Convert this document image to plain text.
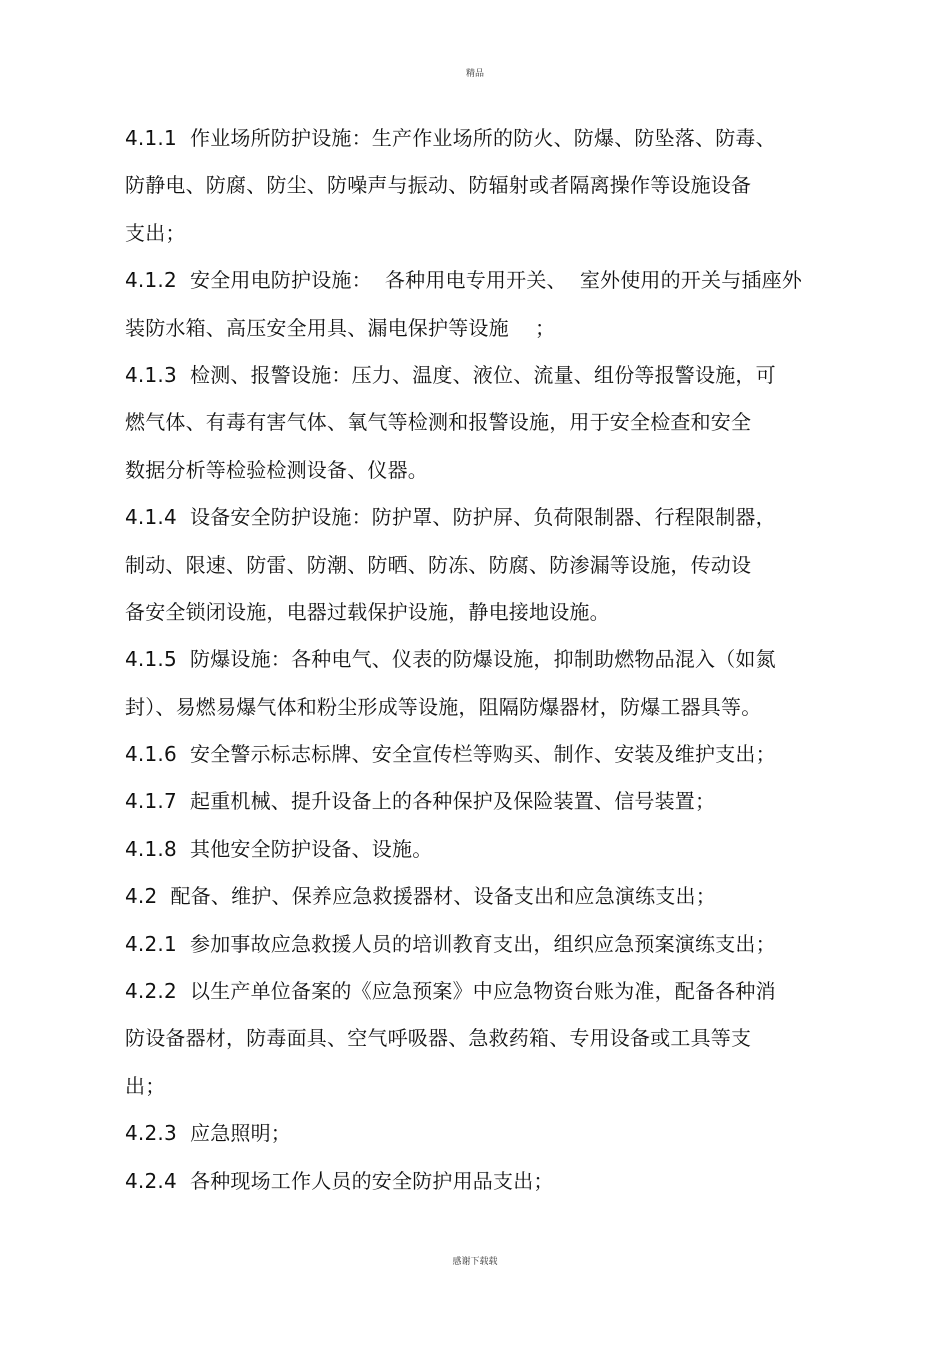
精品
4.1.1  作业场所防护设施：生产作业场所的防火、防爆、防坠落、防毒、
防静电、防腐、防尘、防噪声与振动、防辐射或者隔离操作等设施设备
支出；
4.1.2  安全用电防护设施：  各种用电专用开关、  室外使用的开关与插座外
装防水箱、高压安全用具、漏电保护等设施    ；
4.1.3  检测、报警设施：压力、温度、液位、流量、组份等报警设施，可
燃气体、有毒有害气体、氧气等检测和报警设施，用于安全检查和安全
数据分析等检验检测设备、仪器。
4.1.4  设备安全防护设施：防护罩、防护屏、负荷限制器、行程限制器，
制动、限速、防雷、防潮、防晒、防冻、防腐、防渗漏等设施，传动设
备安全锁闭设施，电器过载保护设施，静电接地设施。
4.1.5  防爆设施：各种电气、仪表的防爆设施，抑制助燃物品混入（如氮
封）、易燃易爆气体和粉尘形成等设施，阻隔防爆器材，防爆工器具等。
4.1.6  安全警示标志标牌、安全宣传栏等购买、制作、安装及维护支出；
4.1.7  起重机械、提升设备上的各种保护及保险装置、信号装置；
4.1.8  其他安全防护设备、设施。
4.2  配备、维护、保养应急救援器材、设备支出和应急演练支出；
4.2.1  参加事故应急救援人员的培训教育支出，组织应急预案演练支出；
4.2.2  以生产单位备案的《应急预案》中应急物资台账为准，配备各种消
防设备器材，防毒面具、空气呼吸器、急救药箱、专用设备或工具等支
出；
4.2.3  应急照明；
4.2.4  各种现场工作人员的安全防护用品支出；
感谢下载载
